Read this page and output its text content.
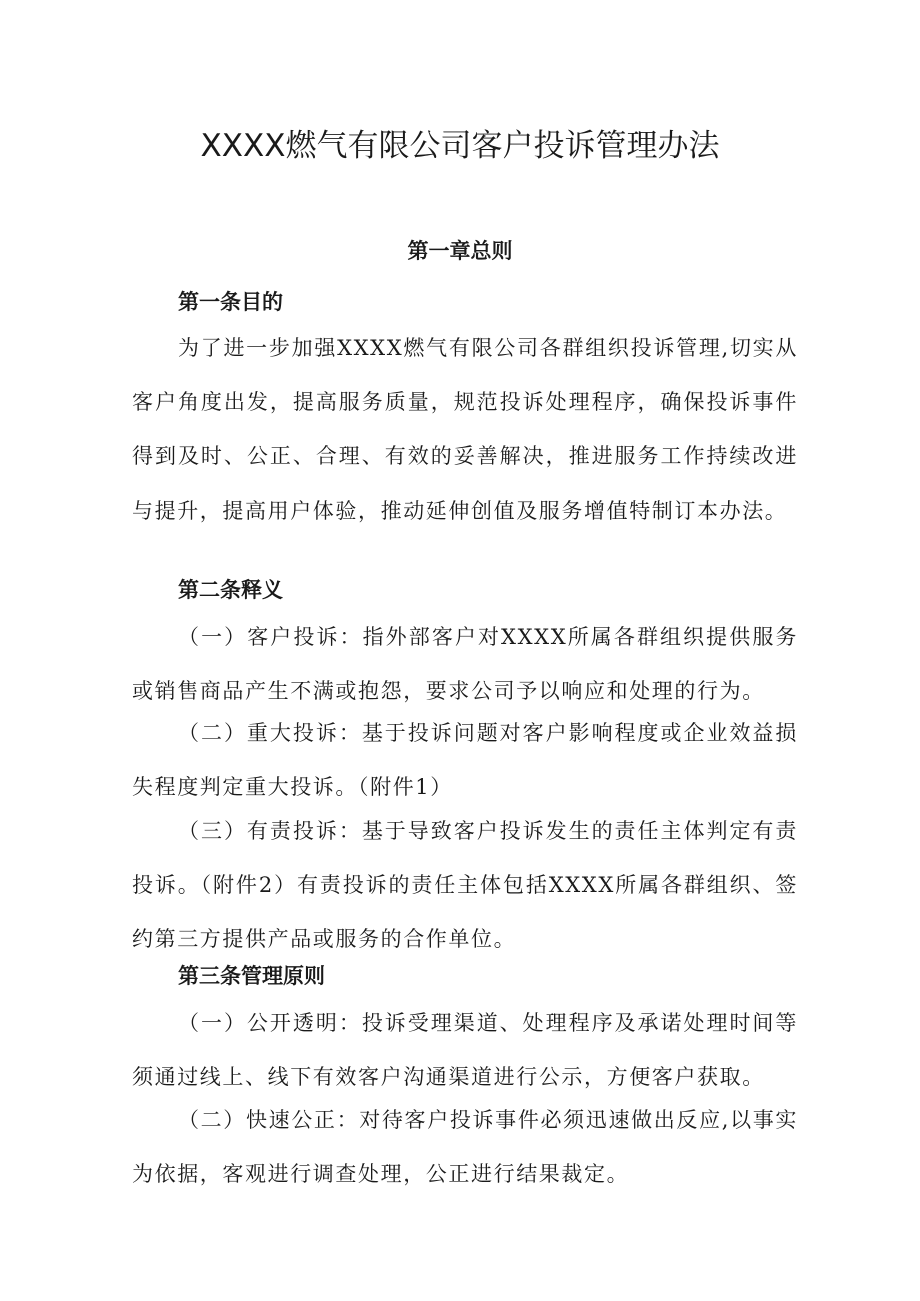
XXXX燃气有限公司客户投诉管理办法
第一章总则
第一条目的

为了进一步加强XXXX燃气有限公司各群组织投诉管理,切实从客户角度出发，提高服务质量，规范投诉处理程序，确保投诉事件得到及时、公正、合理、有效的妥善解决，推进服务工作持续改进与提升，提高用户体验，推动延伸创值及服务增值特制订本办法。

第二条释义

（一）客户投诉：指外部客户对XXXX所属各群组织提供服务或销售商品产生不满或抱怨，要求公司予以响应和处理的行为。

（二）重大投诉：基于投诉问题对客户影响程度或企业效益损失程度判定重大投诉。（附件1）

（三）有责投诉：基于导致客户投诉发生的责任主体判定有责投诉。（附件2）有责投诉的责任主体包括XXXX所属各群组织、签约第三方提供产品或服务的合作单位。

第三条管理原则

（一）公开透明：投诉受理渠道、处理程序及承诺处理时间等须通过线上、线下有效客户沟通渠道进行公示，方便客户获取。

（二）快速公正：对待客户投诉事件必须迅速做出反应,以事实为依据，客观进行调查处理，公正进行结果裁定。
